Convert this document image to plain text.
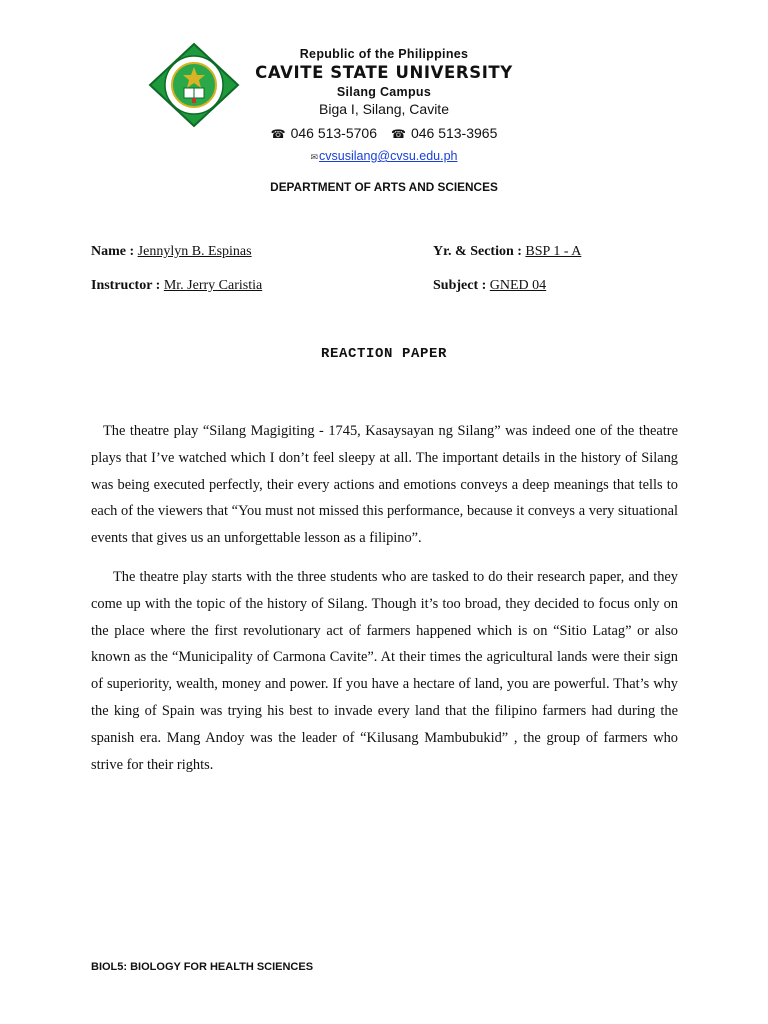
Republic of the Philippines
CAVITE STATE UNIVERSITY
Silang Campus
Biga I, Silang, Cavite
☎ 046 513-5706 ☎ 046 513-3965
✉cvsusilang@cvsu.edu.ph
DEPARTMENT OF ARTS AND SCIENCES
Name : Jennylyn B. Espinas	Yr. & Section : BSP 1 - A
Instructor : Mr. Jerry Caristia	Subject : GNED 04
REACTION PAPER

The theatre play “Silang Magigiting - 1745, Kasaysayan ng Silang” was indeed one of the theatre plays that I’ve watched which I don’t feel sleepy at all. The important details in the history of Silang was being executed perfectly, their every actions and emotions conveys a deep meanings that tells to each of the viewers that “You must not missed this performance, because it conveys a very situational events that gives us an unforgettable lesson as a filipino”.

The theatre play starts with the three students who are tasked to do their research paper, and they come up with the topic of the history of Silang. Though it’s too broad, they decided to focus only on the place where the first revolutionary act of farmers happened which is on “Sitio Latag” or also known as the “Municipality of Carmona Cavite”. At their times the agricultural lands were their sign of superiority, wealth, money and power. If you have a hectare of land, you are powerful. That’s why the king of Spain was trying his best to invade every land that the filipino farmers had during the spanish era. Mang Andoy was the leader of “Kilusang Mambubukid” , the group of farmers who strive for their rights.

BIOL5: BIOLOGY FOR HEALTH SCIENCES
